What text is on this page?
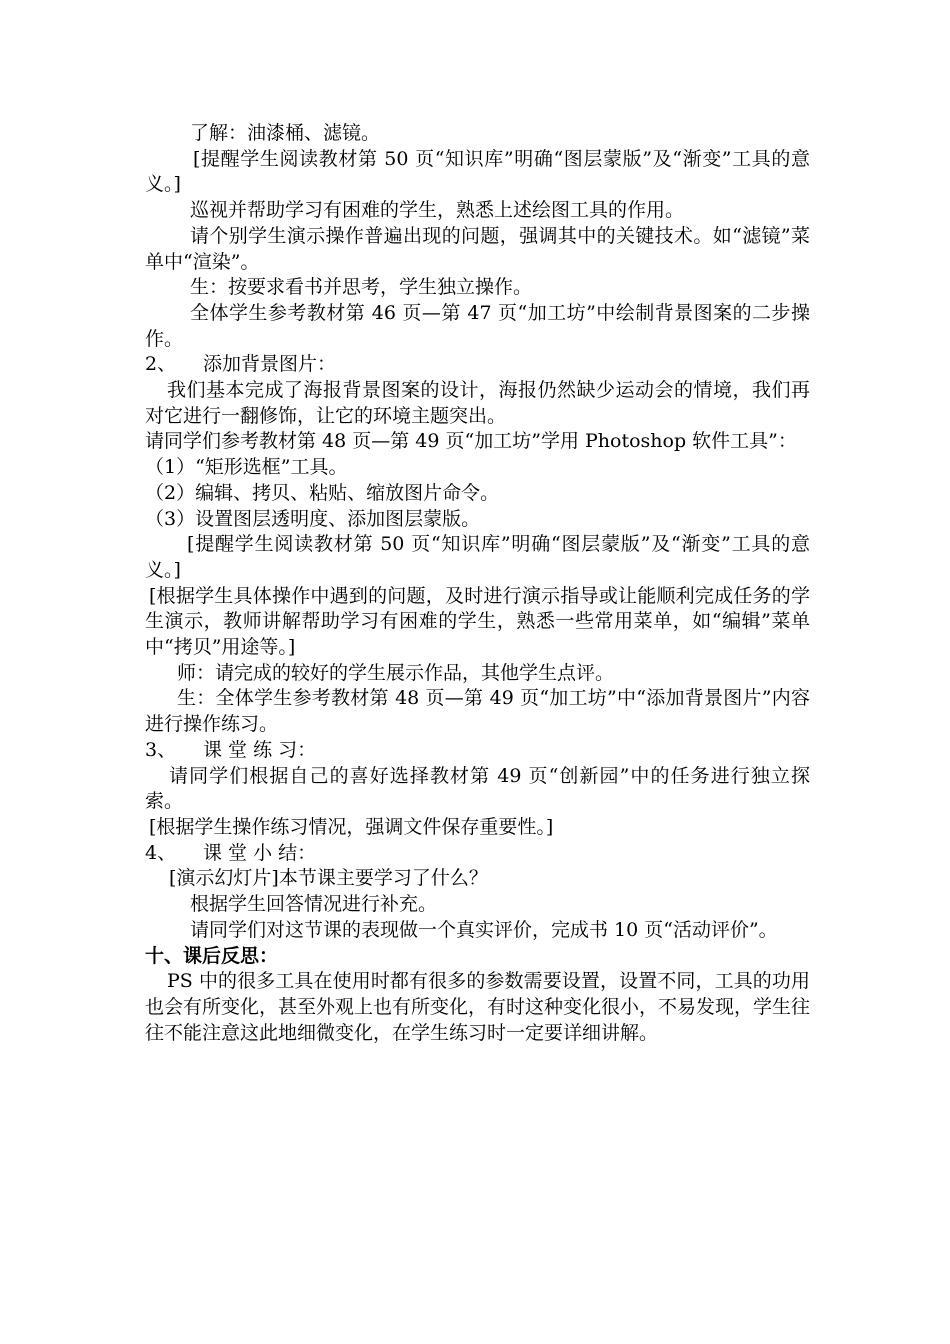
了解：油漆桶、滤镜。

[提醒学生阅读教材第 50 页“知识库”明确“图层蒙版”及“渐变”工具的意义。]

巡视并帮助学习有困难的学生，熟悉上述绘图工具的作用。

请个别学生演示操作普遍出现的问题，强调其中的关键技术。如“滤镜”菜单中“渲染”。

生：按要求看书并思考，学生独立操作。

全体学生参考教材第 46 页—第 47 页“加工坊”中绘制背景图案的二步操作。

2、	添加背景图片：

我们基本完成了海报背景图案的设计，海报仍然缺少运动会的情境，我们再对它进行一翻修饰，让它的环境主题突出。

请同学们参考教材第 48 页—第 49 页“加工坊”学用 Photoshop 软件工具”：

（1）“矩形选框”工具。

（2）编辑、拷贝、粘贴、缩放图片命令。

（3）设置图层透明度、添加图层蒙版。

[提醒学生阅读教材第 50 页“知识库”明确“图层蒙版”及“渐变”工具的意义。]

[根据学生具体操作中遇到的问题，及时进行演示指导或让能顺利完成任务的学生演示，教师讲解帮助学习有困难的学生，熟悉一些常用菜单，如“编辑”菜单中“拷贝”用途等。]

师：请完成的较好的学生展示作品，其他学生点评。

生：全体学生参考教材第 48 页—第 49 页“加工坊”中“添加背景图片”内容进行操作练习。

3、	课 堂 练 习：

请同学们根据自己的喜好选择教材第 49 页“创新园”中的任务进行独立探索。

[根据学生操作练习情况，强调文件保存重要性。]

4、	课 堂 小 结：

[演示幻灯片]本节课主要学习了什么？

根据学生回答情况进行补充。

请同学们对这节课的表现做一个真实评价，完成书 10 页“活动评价”。

十、课后反思：

PS 中的很多工具在使用时都有很多的参数需要设置，设置不同，工具的功用也会有所变化，甚至外观上也有所变化，有时这种变化很小，不易发现，学生往往不能注意这此地细微变化，在学生练习时一定要详细讲解。
